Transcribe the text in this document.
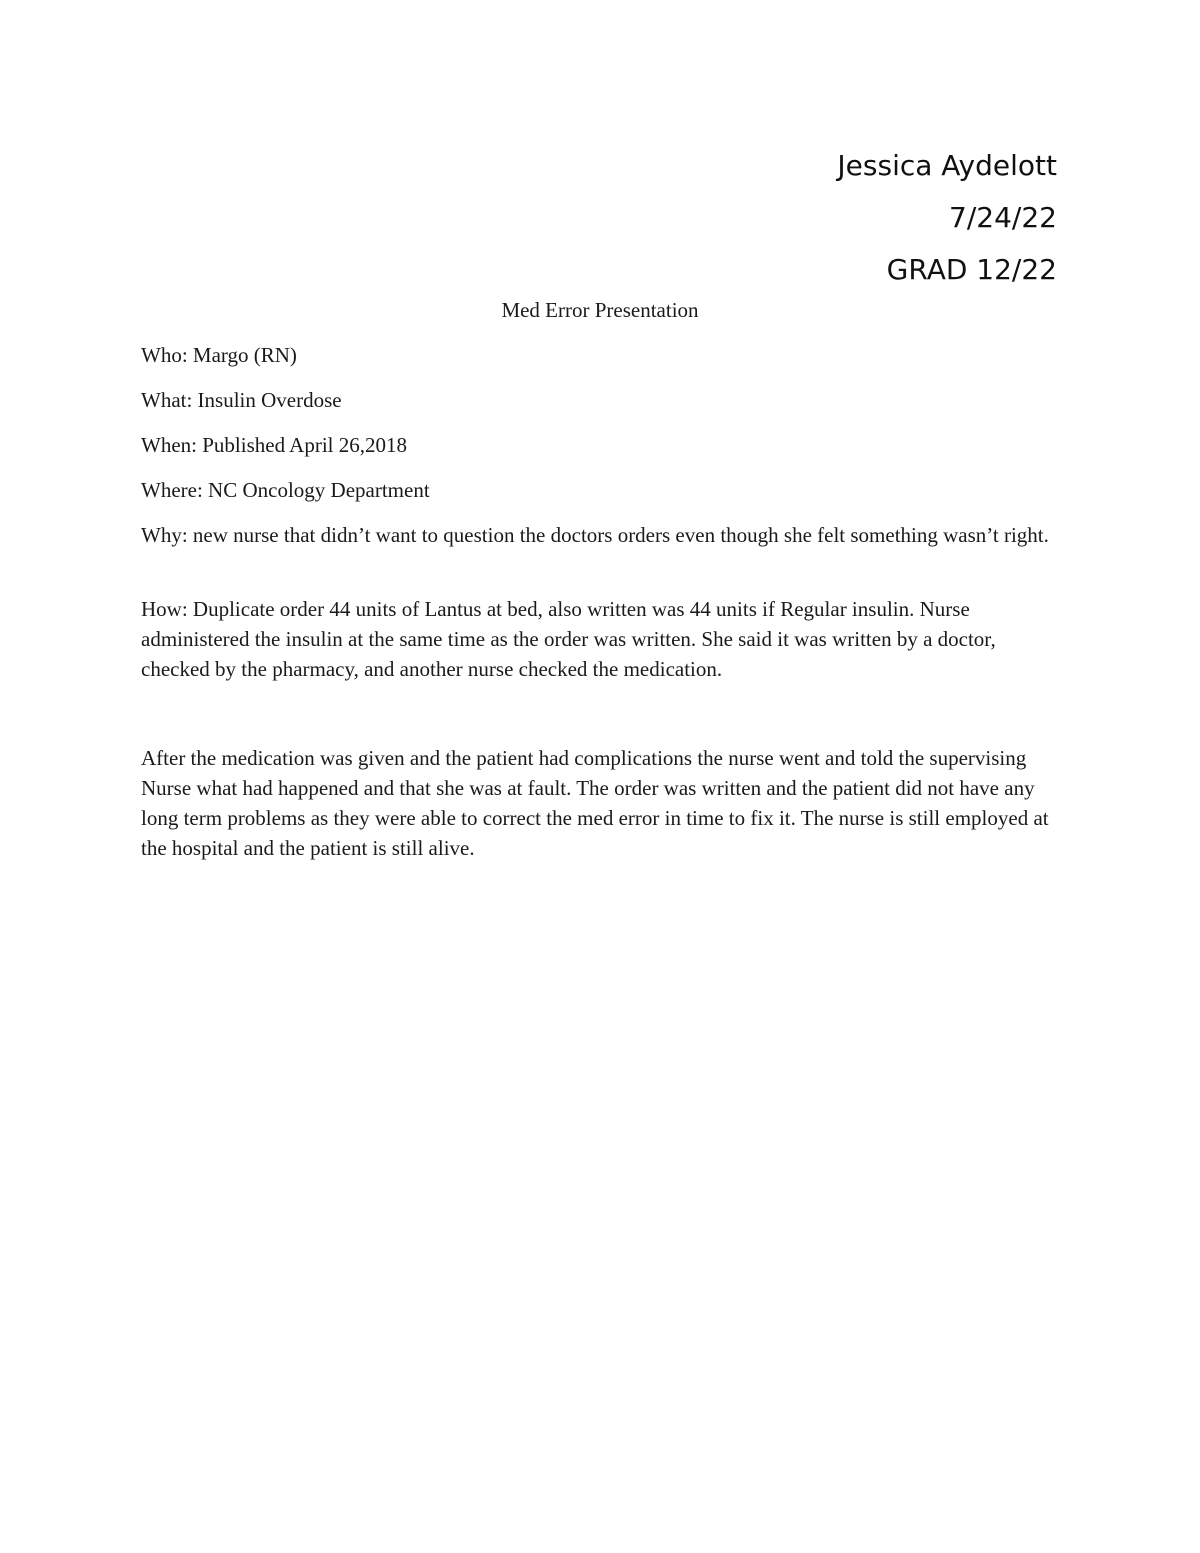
Jessica Aydelott
7/24/22
GRAD 12/22
Med Error Presentation

Who: Margo (RN)

What: Insulin Overdose

When: Published April 26,2018

Where: NC Oncology Department

Why: new nurse that didn’t want to question the doctors orders even though she felt something wasn’t right.

How: Duplicate order 44 units of Lantus at bed, also written was 44 units if Regular insulin. Nurse administered the insulin at the same time as the order was written. She said it was written by a doctor, checked by the pharmacy, and another nurse checked the medication.

After the medication was given and the patient had complications the nurse went and told the supervising Nurse what had happened and that she was at fault. The order was written and the patient did not have any long term problems as they were able to correct the med error in time to fix it. The nurse is still employed at the hospital and the patient is still alive.
